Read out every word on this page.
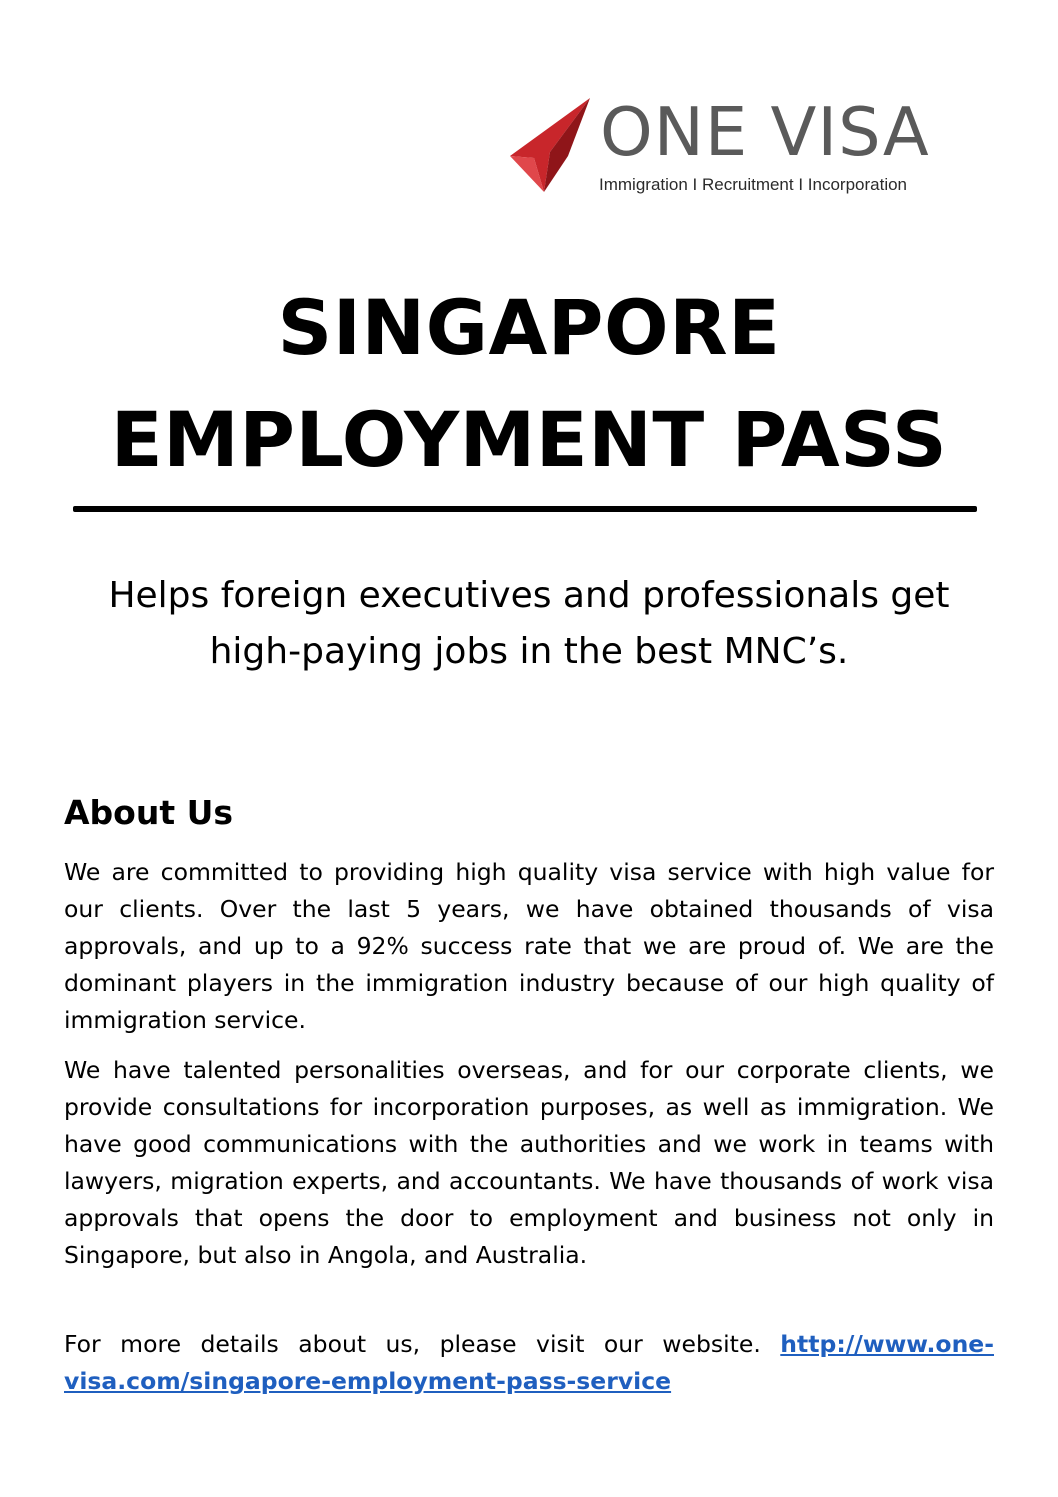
ONE VISA
Immigration I Recruitment I Incorporation
SINGAPORE
EMPLOYMENT PASS

Helps foreign executives and professionals get
high-paying jobs in the best MNC’s.

About Us

We are committed to providing high quality visa service with high value for our clients. Over the last 5 years, we have obtained thousands of visa approvals, and up to a 92% success rate that we are proud of. We are the dominant players in the immigration industry because of our high quality of immigration service.

We have talented personalities overseas, and for our corporate clients, we provide consultations for incorporation purposes, as well as immigration. We have good communications with the authorities and we work in teams with lawyers, migration experts, and accountants. We have thousands of work visa approvals that opens the door to employment and business not only in Singapore, but also in Angola, and Australia.

For more details about us, please visit our website. http://www.one-visa.com/singapore-employment-pass-service
